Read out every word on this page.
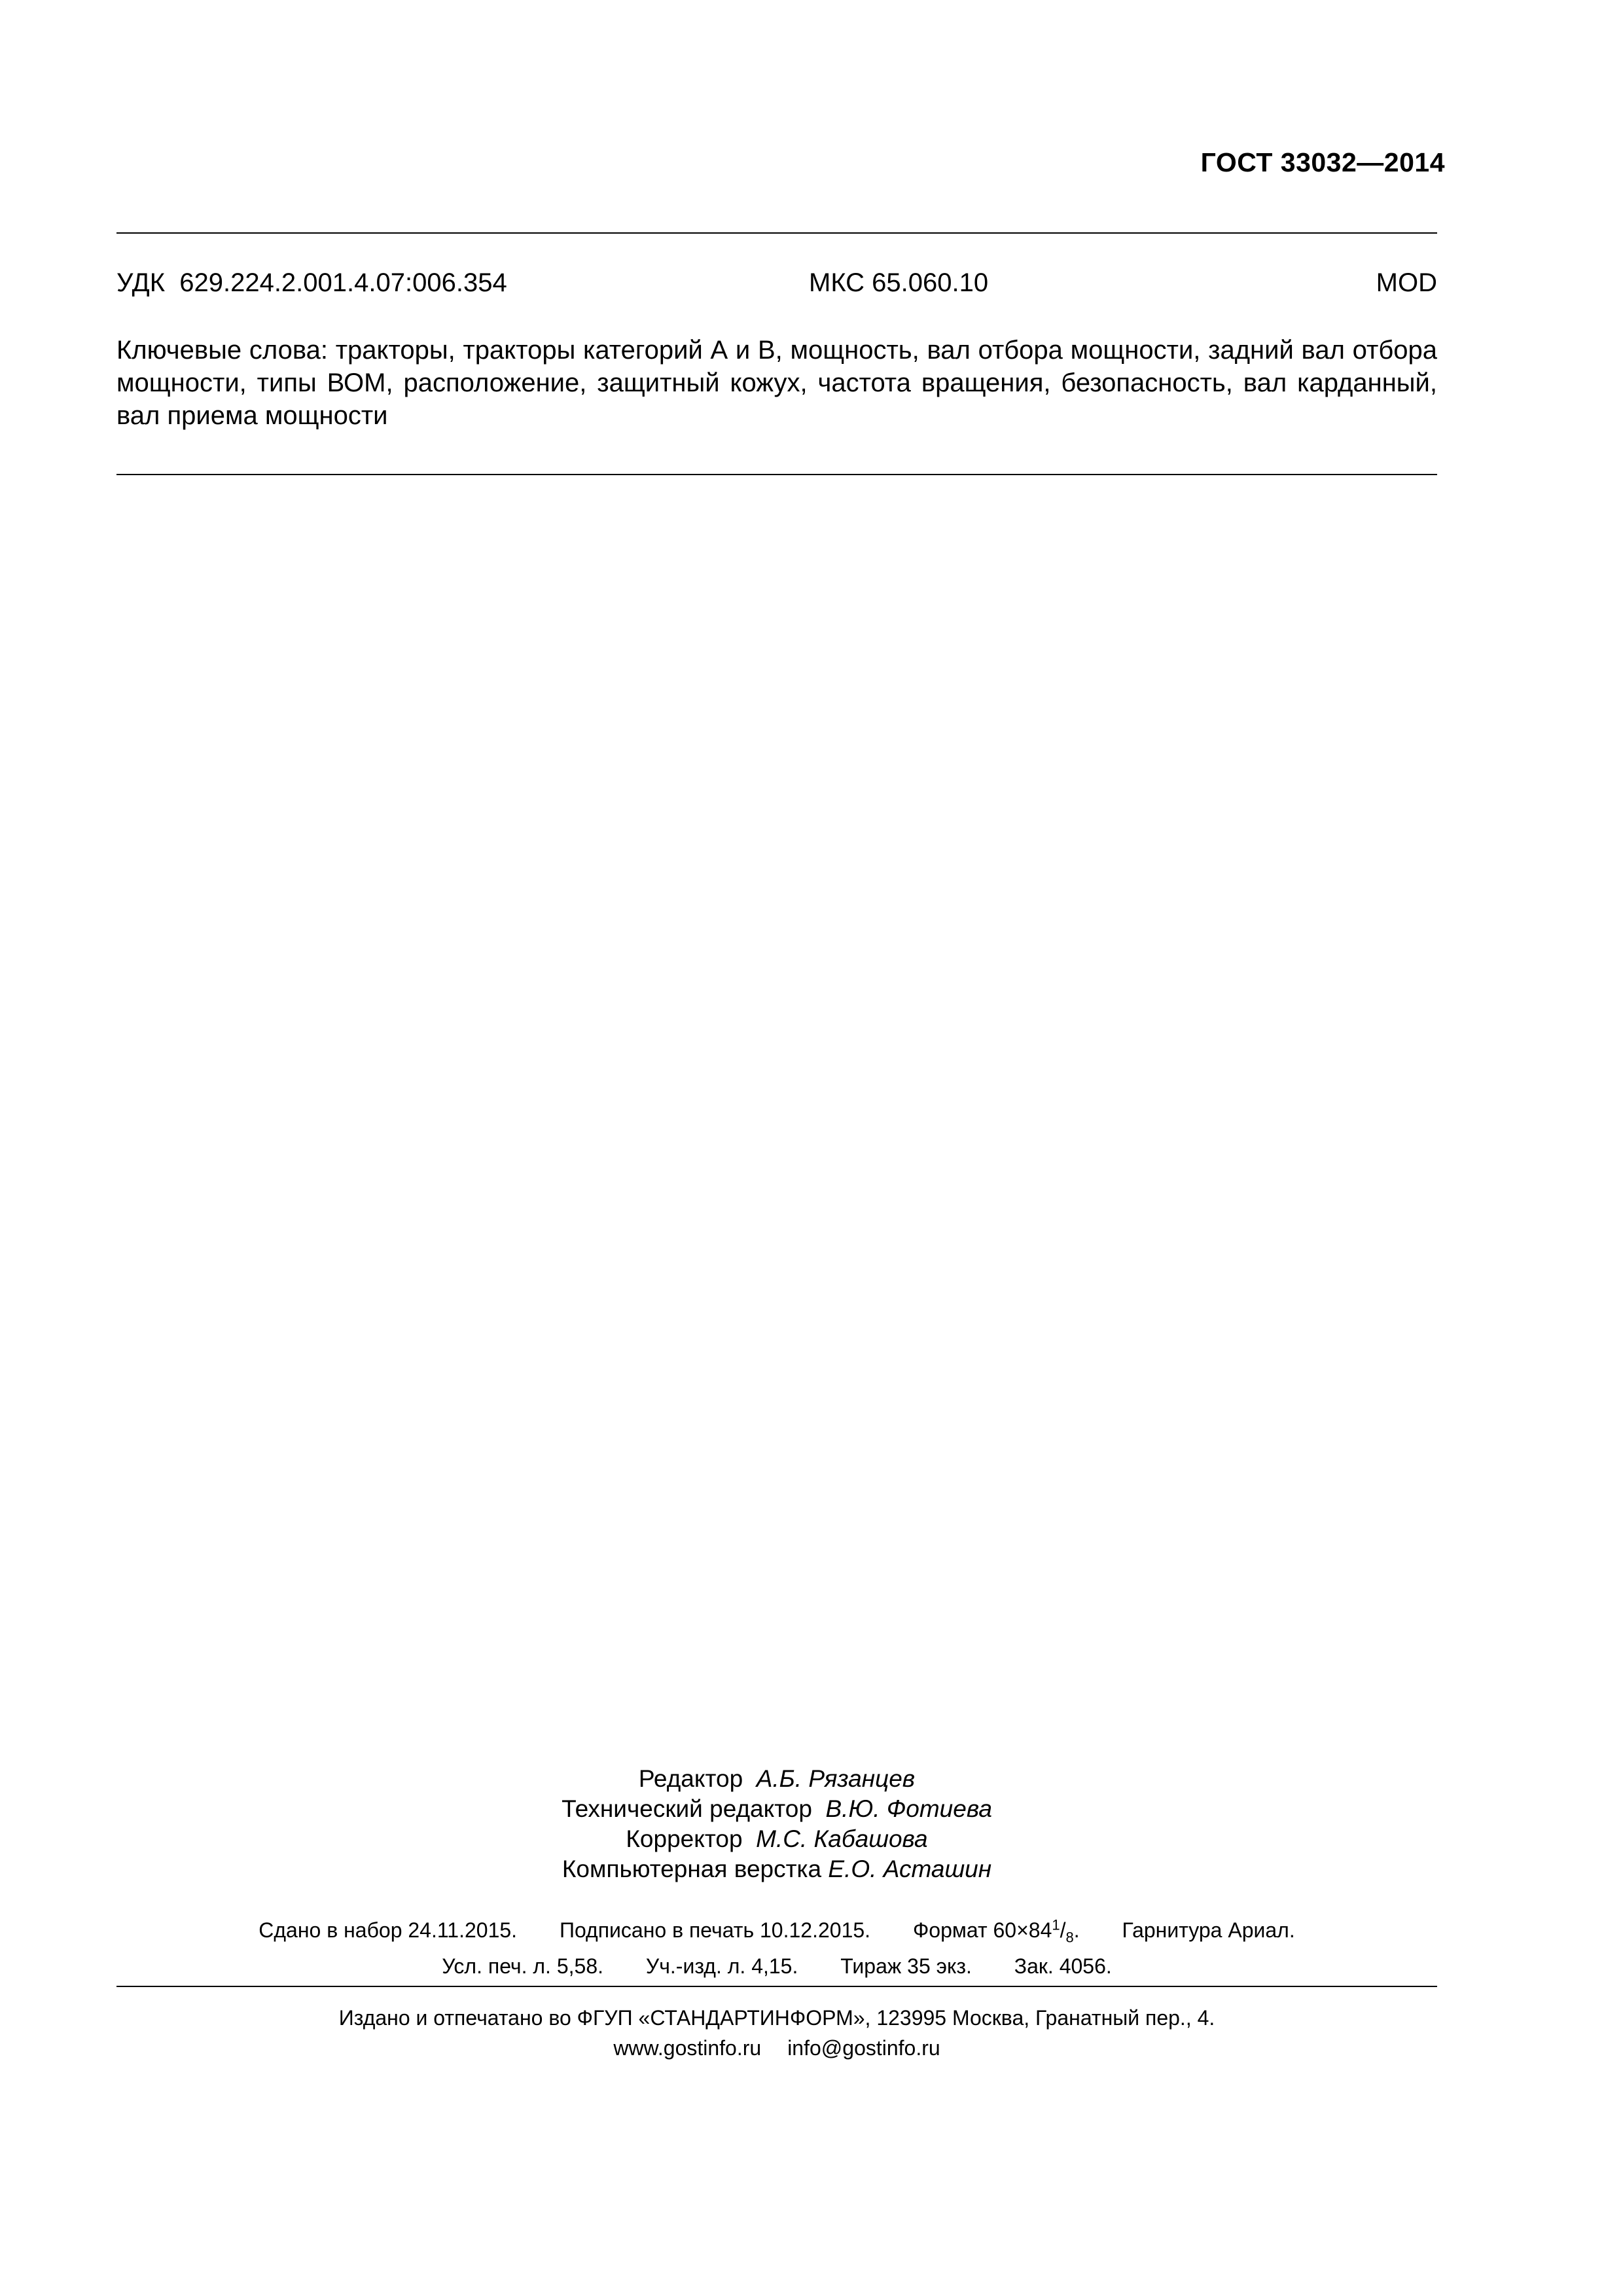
ГОСТ 33032—2014
УДК  629.224.2.001.4.07:006.354	МКС 65.060.10	MOD
Ключевые слова: тракторы, тракторы категорий А и В, мощность, вал отбора мощности, задний вал отбора мощности, типы ВОМ, расположение, защитный кожух, частота вращения, безопасность, вал карданный, вал приема мощности
Редактор А.Б. Рязанцев
Технический редактор В.Ю. Фотиева
Корректор М.С. Кабашова
Компьютерная верстка Е.О. Асташин
Сдано в набор 24.11.2015. Подписано в печать 10.12.2015. Формат $60\times 84^1/_8$. Гарнитура Ариал.
Усл. печ. л. 5,58. Уч.-изд. л. 4,15. Тираж 35 экз. Зак. 4056.
Издано и отпечатано во ФГУП «СТАНДАРТИНФОРМ», 123995 Москва, Гранатный пер., 4.
www.gostinfo.ru info@gostinfo.ru
